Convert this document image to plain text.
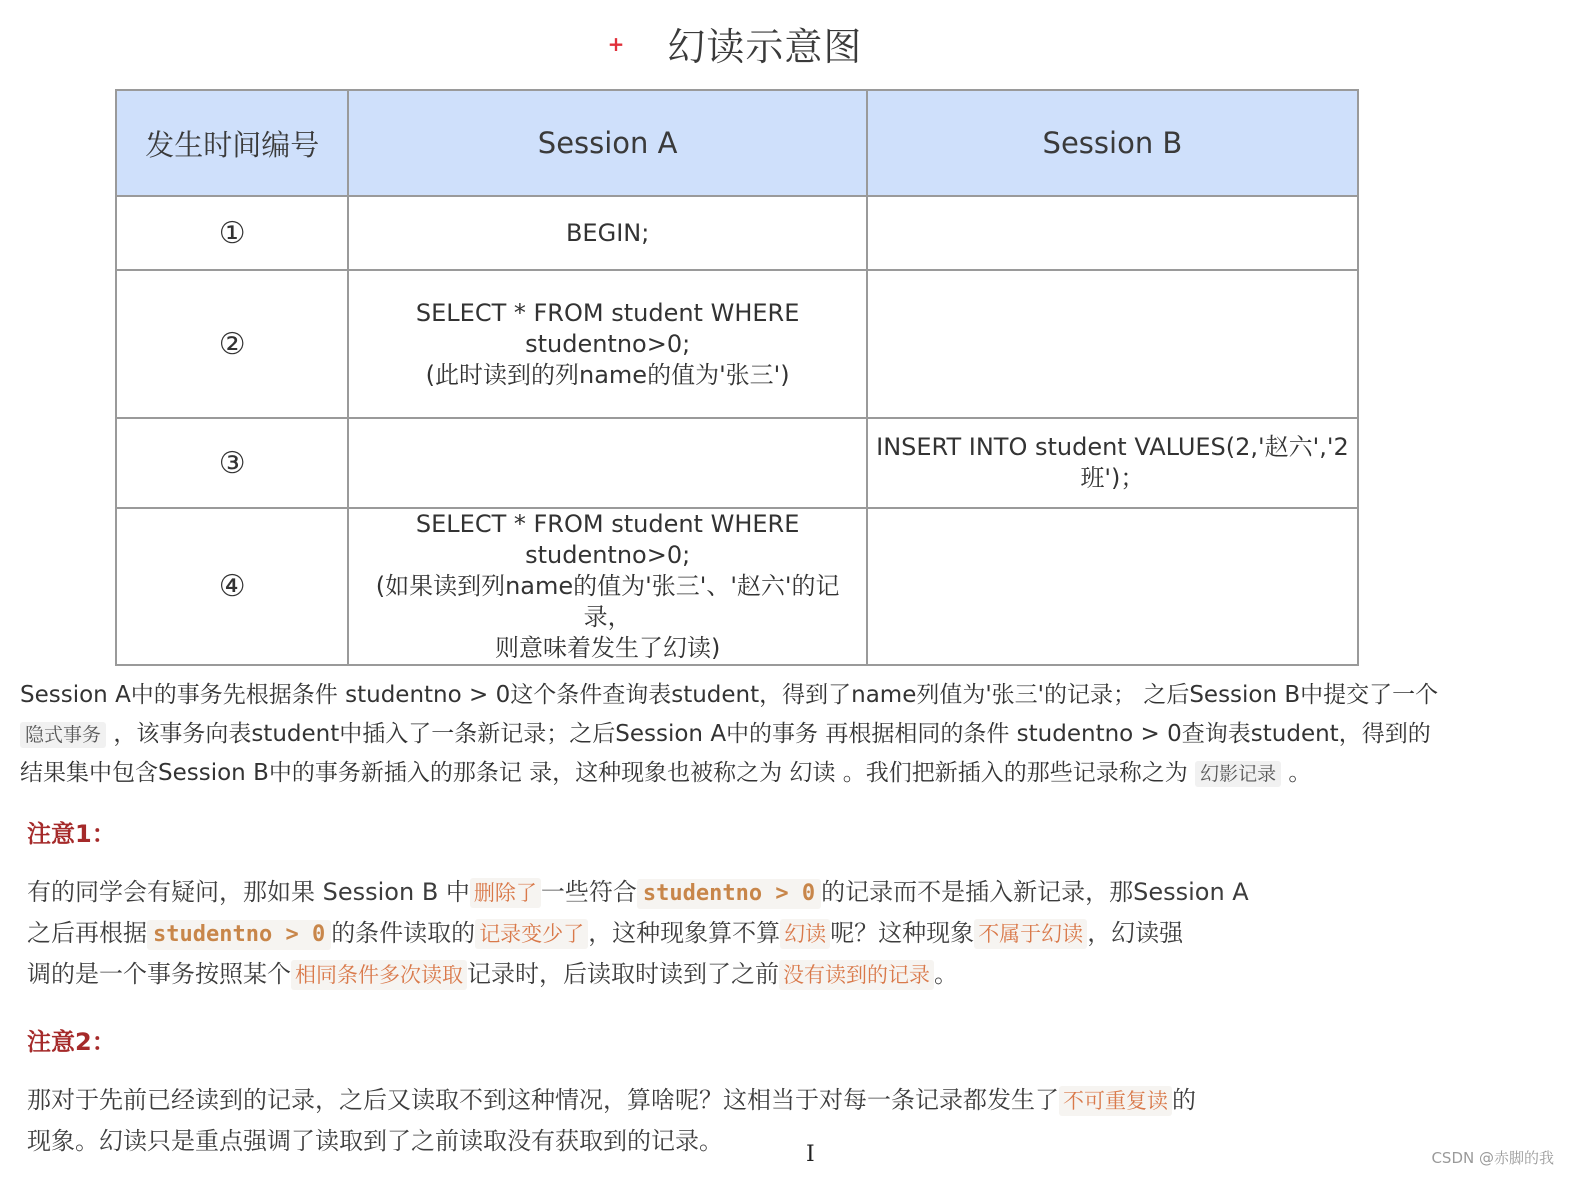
+ 幻读示意图
发生时间编号	Session A	Session B
①	BEGIN;	

②	SELECT * FROM student WHERE
studentno>0;
(此时读到的列name的值为'张三')	

③		INSERT INTO student VALUES(2,'赵六','2
班')；

④	SELECT * FROM student WHERE
studentno>0;
(如果读到列name的值为'张三'、'赵六'的记录，
则意味着发生了幻读)	

Session A中的事务先根据条件 studentno > 0这个条件查询表student，得到了name列值为'张三'的记录； 之后Session B中提交了一个
隐式事务 ，该事务向表student中插入了一条新记录；之后Session A中的事务 再根据相同的条件 studentno > 0查询表student，得到的
结果集中包含Session B中的事务新插入的那条记 录，这种现象也被称之为 幻读 。我们把新插入的那些记录称之为 幻影记录 。
注意1：
有的同学会有疑问，那如果 Session B 中 删除了 一些符合 studentno > 0 的记录而不是插入新记录，那Session A
之后再根据 studentno > 0 的条件读取的 记录变少了 ，这种现象算不算 幻读 呢？这种现象 不属于幻读 ，幻读强
调的是一个事务按照某个 相同条件多次读取 记录时，后读取时读到了之前 没有读到的记录 。
注意2：
那对于先前已经读到的记录，之后又读取不到这种情况，算啥呢？这相当于对每一条记录都发生了 不可重复读 的
现象。幻读只是重点强调了读取到了之前读取没有获取到的记录。	I	CSDN @赤脚的我
